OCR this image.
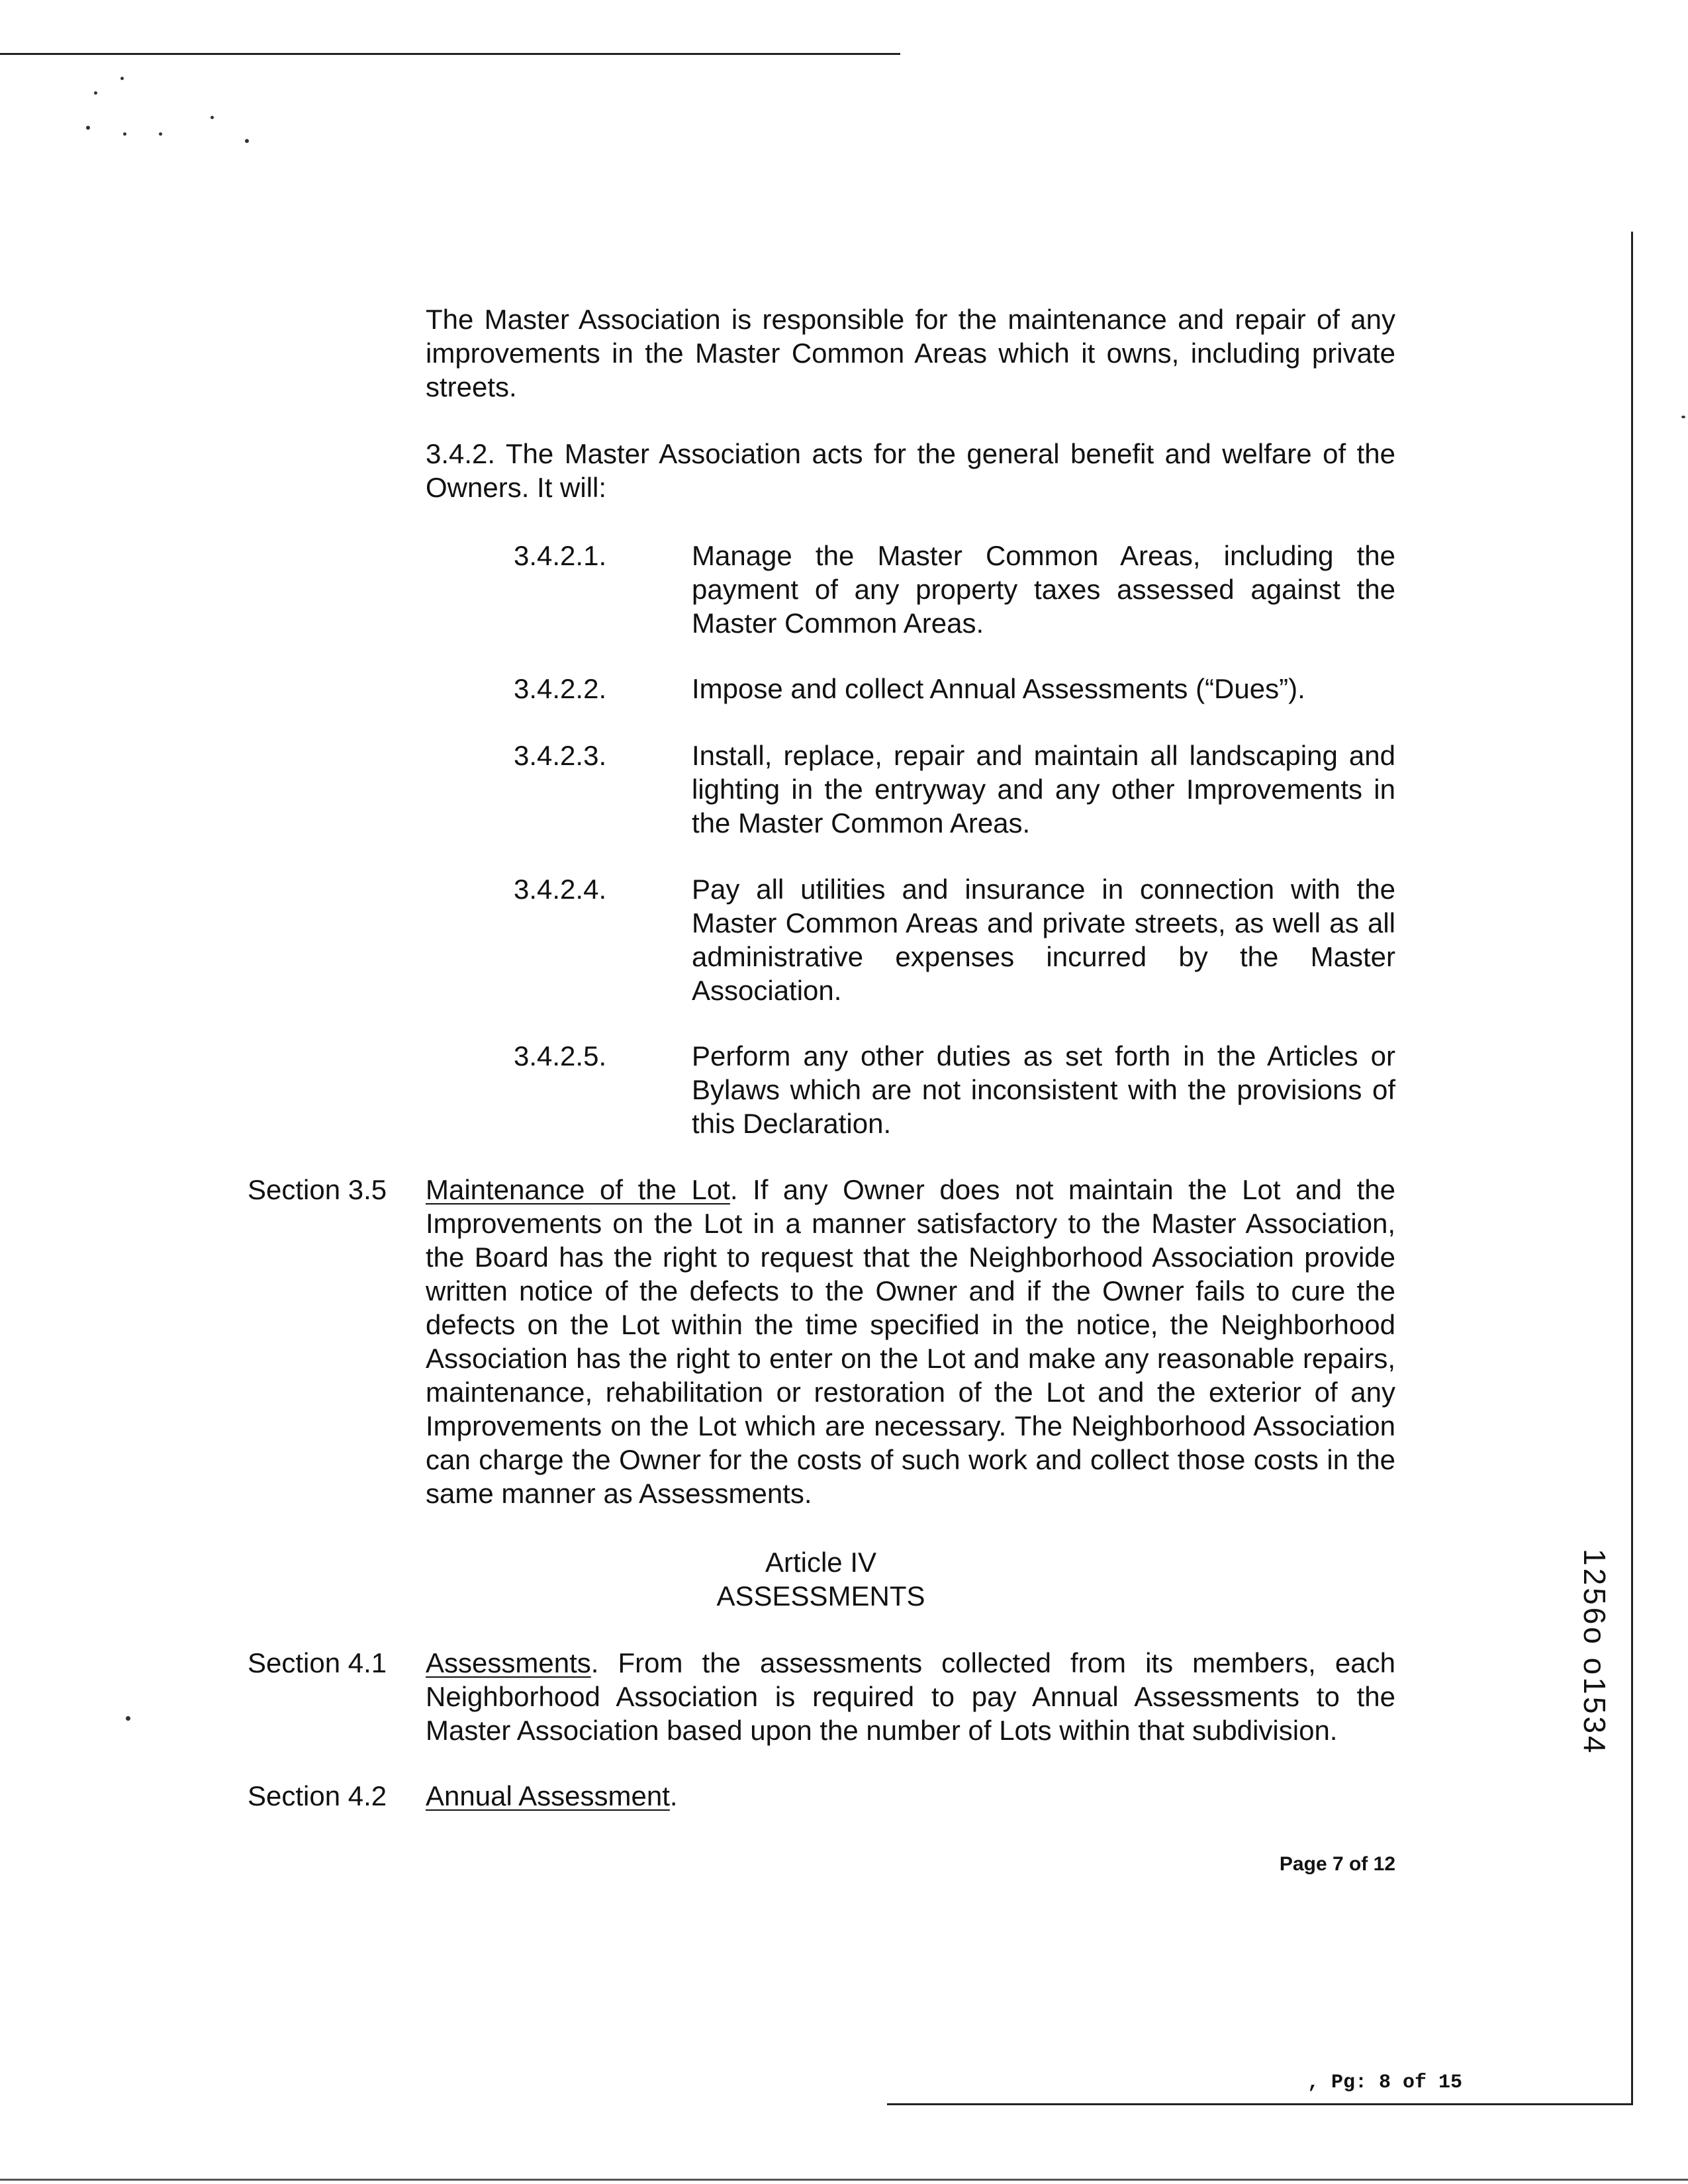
The Master Association is responsible for the maintenance and repair of any improvements in the Master Common Areas which it owns, including private streets.
3.4.2. The Master Association acts for the general benefit and welfare of the Owners. It will:
3.4.2.1.	Manage the Master Common Areas, including the payment of any property taxes assessed against the Master Common Areas.
3.4.2.2.	Impose and collect Annual Assessments (“Dues”).
3.4.2.3.	Install, replace, repair and maintain all landscaping and lighting in the entryway and any other Improvements in the Master Common Areas.
3.4.2.4.	Pay all utilities and insurance in connection with the Master Common Areas and private streets, as well as all administrative expenses incurred by the Master Association.
3.4.2.5.	Perform any other duties as set forth in the Articles or Bylaws which are not inconsistent with the provisions of this Declaration.
Section 3.5 Maintenance of the Lot. If any Owner does not maintain the Lot and the Improvements on the Lot in a manner satisfactory to the Master Association, the Board has the right to request that the Neighborhood Association provide written notice of the defects to the Owner and if the Owner fails to cure the defects on the Lot within the time specified in the notice, the Neighborhood Association has the right to enter on the Lot and make any reasonable repairs, maintenance, rehabilitation or restoration of the Lot and the exterior of any Improvements on the Lot which are necessary. The Neighborhood Association can charge the Owner for the costs of such work and collect those costs in the same manner as Assessments.
Article IV
ASSESSMENTS
Section 4.1 Assessments. From the assessments collected from its members, each Neighborhood Association is required to pay Annual Assessments to the Master Association based upon the number of Lots within that subdivision.
Section 4.2 Annual Assessment.
Page 7 of 12
1256o o1534
, Pg: 8 of 15
